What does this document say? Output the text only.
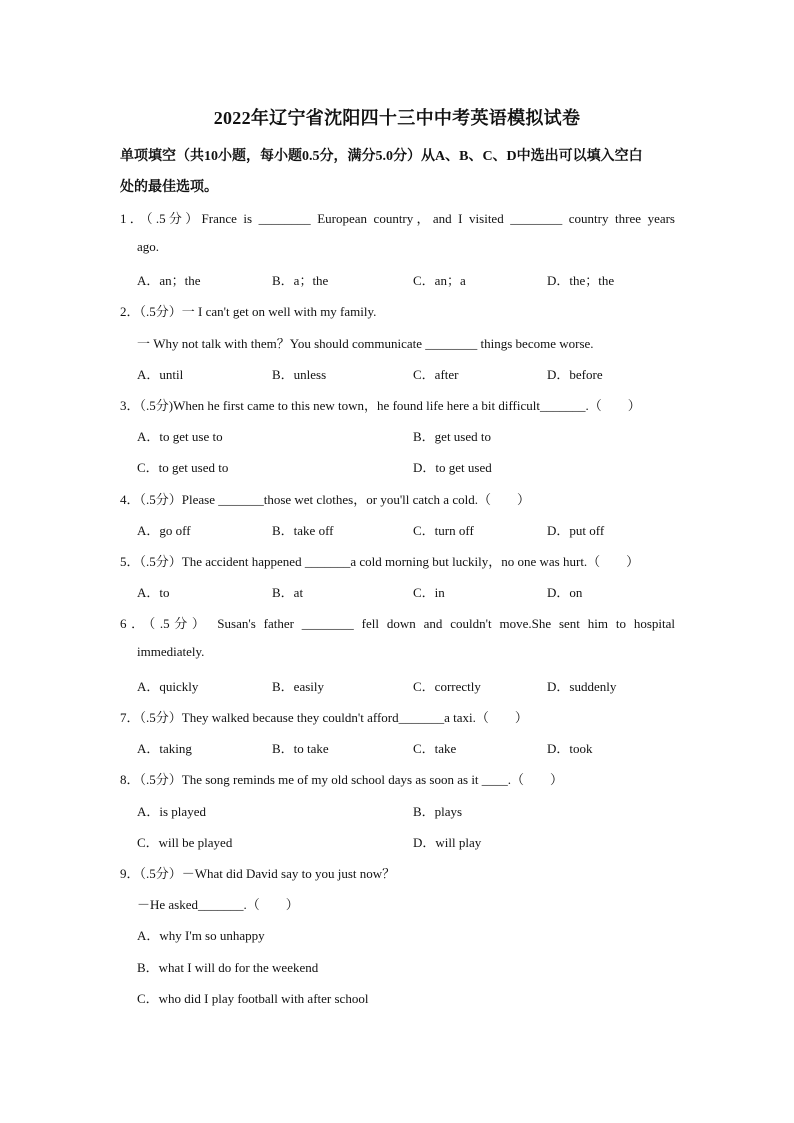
2022年辽宁省沈阳四十三中中考英语模拟试卷
单项填空（共10小题，每小题0.5分，满分5.0分）从A、B、C、D中选出可以填入空白
处的最佳选项。
1．（.5分）France is ________ European country，and I visited ________ country three years
ago.
A．an；the	B．a；the	C．an；a	D．the；the
2．（.5分）一 I can't get on well with my family.
一 Why not talk with them？You should communicate ________ things become worse.
A．until	B．unless	C．after	D．before
3．（.5分)When he first came to this new town，he found life here a bit difficult_______.（　　）
A．to get use to	B．get used to
C．to get used to	D．to get used
4．（.5分）Please _______those wet clothes，or you'll catch a cold.（　　）
A．go off	B．take off	C．turn off	D．put off
5．（.5分）The accident happened _______a cold morning but luckily，no one was hurt.（　　）
A．to	B．at	C．in	D．on
6．（.5分） Susan's father ________ fell down and couldn't move.She sent him to hospital
immediately.
A．quickly	B．easily	C．correctly	D．suddenly
7．（.5分）They walked because they couldn't afford_______a taxi.（　　）
A．taking	B．to take	C．take	D．took
8．（.5分）The song reminds me of my old school days as soon as it ____.（　　）
A．is played	B．plays
C．will be played	D．will play
9．（.5分）－What did David say to you just now？
－He asked_______.（　　）
A．why I'm so unhappy
B．what I will do for the weekend
C．who did I play football with after school
